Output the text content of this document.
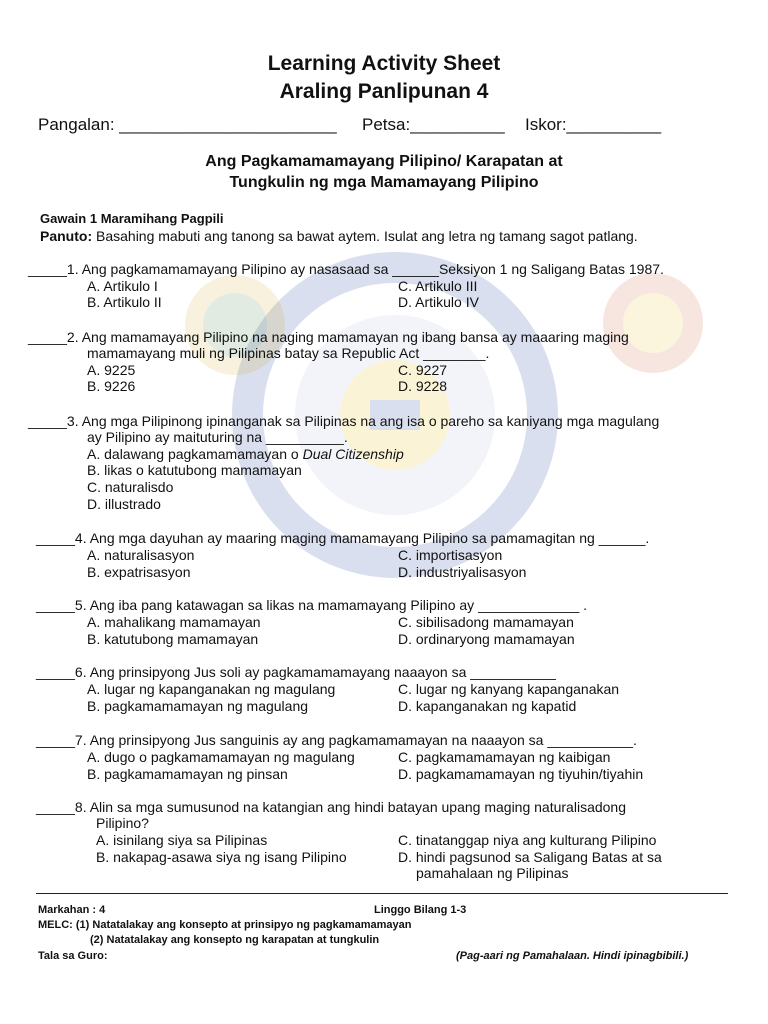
Learning Activity Sheet
Araling Panlipunan 4
Pangalan: _______________________ Petsa:__________ Iskor:__________
Ang Pagkamamamayang Pilipino/ Karapatan at
Tungkulin ng mga Mamamayang Pilipino
Gawain 1 Maramihang Pagpili
Panuto: Basahing mabuti ang tanong sa bawat aytem. Isulat ang letra ng tamang sagot patlang.
_____1. Ang pagkamamamayang Pilipino ay nasasaad sa ______Seksiyon 1 ng Saligang Batas 1987.
A. Artikulo I
B. Artikulo II
C. Artikulo III
D. Artikulo IV
_____2. Ang mamamayang Pilipino na naging mamamayan ng ibang bansa ay maaaring maging
mamamayang muli ng Pilipinas batay sa Republic Act ________.
A. 9225
B. 9226
C. 9227
D. 9228
_____3. Ang mga Pilipinong ipinanganak sa Pilipinas na ang isa o pareho sa kaniyang mga magulang
ay Pilipino ay maituturing na __________.
A. dalawang pagkamamamayan o Dual Citizenship
B. likas o katutubong mamamayan
C. naturalisdo
D. illustrado
_____4. Ang mga dayuhan ay maaring maging mamamayang Pilipino sa pamamagitan ng ______.
A. naturalisasyon
B. expatrisasyon
C. importisasyon
D. industriyalisasyon
_____5. Ang iba pang katawagan sa likas na mamamayang Pilipino ay _____________ .
A. mahalikang mamamayan
B. katutubong mamamayan
C. sibilisadong mamamayan
D. ordinaryong mamamayan
_____6. Ang prinsipyong Jus soli ay pagkamamamayang naaayon sa ___________
A. lugar ng kapanganakan ng magulang
B. pagkamamamayan ng magulang
C. lugar ng kanyang kapanganakan
D. kapanganakan ng kapatid
_____7. Ang prinsipyong Jus sanguinis ay ang pagkamamamayan na naaayon sa ___________.
A. dugo o pagkamamamayan ng magulang
B. pagkamamamayan ng pinsan
C. pagkamamamayan ng kaibigan
D. pagkamamamayan ng tiyuhin/tiyahin
_____8. Alin sa mga sumusunod na katangian ang hindi batayan upang maging naturalisadong
Pilipino?
A. isinilang siya sa Pilipinas
B. nakapag-asawa siya ng isang Pilipino
C. tinatanggap niya ang kulturang Pilipino
D. hindi pagsunod sa Saligang Batas at sa
pamahalaan ng Pilipinas
Markahan : 4	Linggo Bilang 1-3
MELC: (1) Natatalakay ang konsepto at prinsipyo ng pagkamamamayan
(2) Natatalakay ang konsepto ng karapatan at tungkulin
Tala sa Guro:	(Pag-aari ng Pamahalaan. Hindi ipinagbibili.)
